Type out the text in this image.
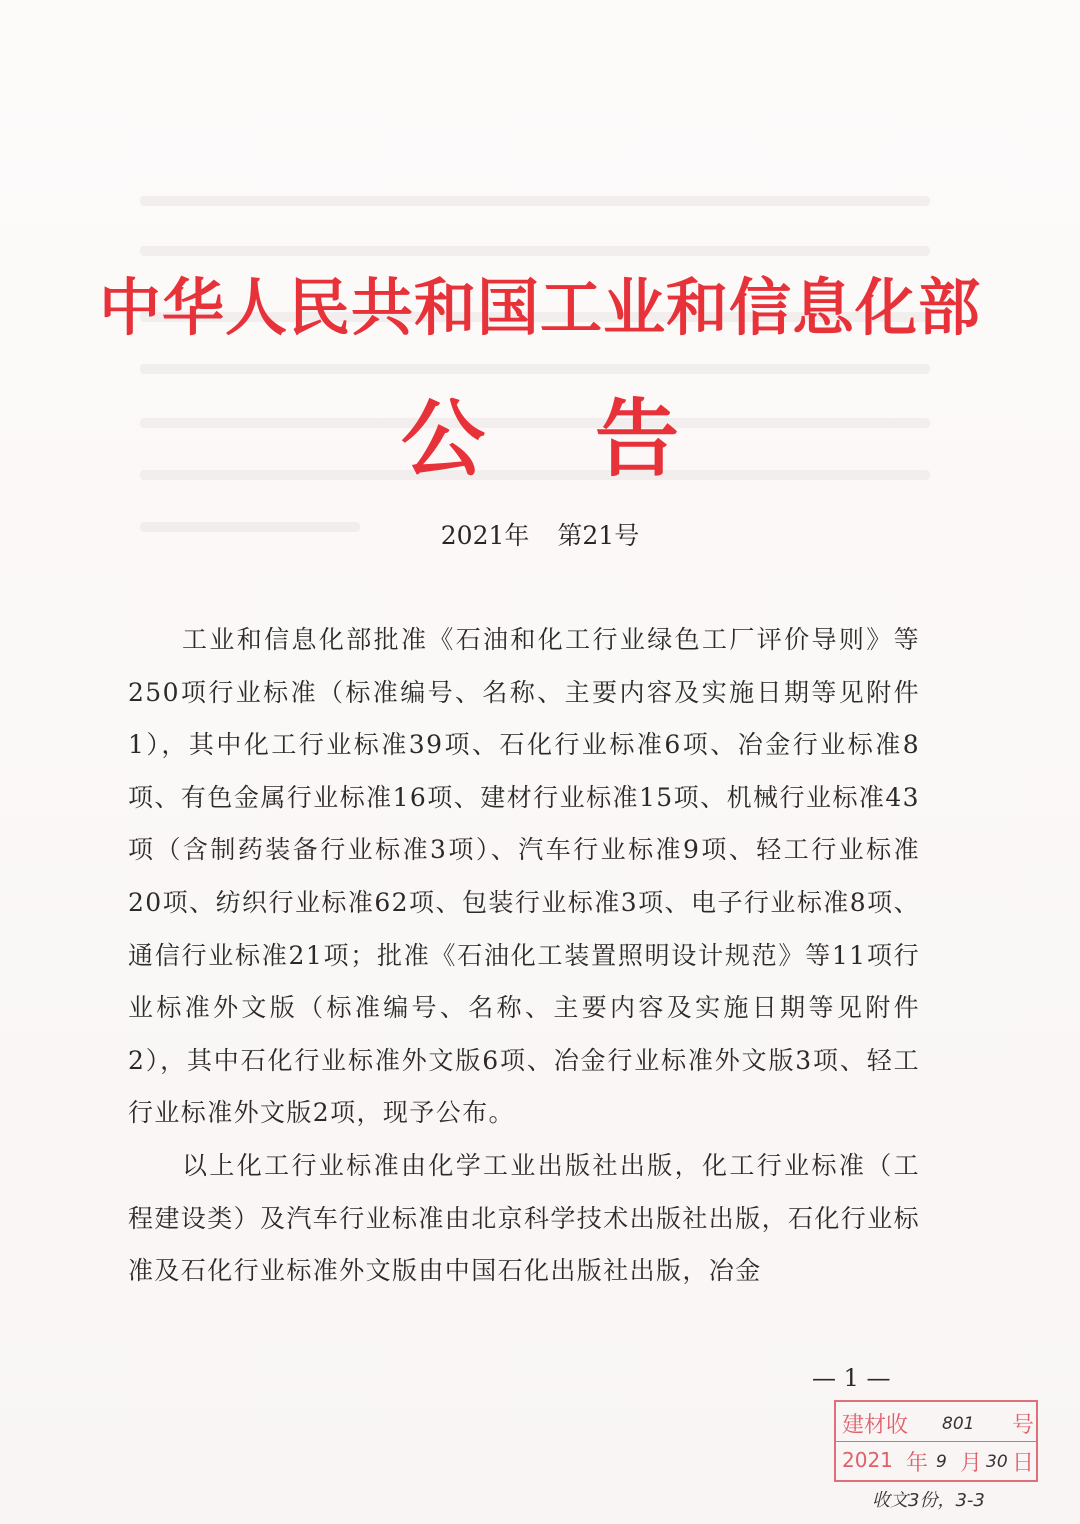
中华人民共和国工业和信息化部
公告
2021年 第21号

工业和信息化部批准《石油和化工行业绿色工厂评价导则》等250项行业标准（标准编号、名称、主要内容及实施日期等见附件1），其中化工行业标准39项、石化行业标准6项、冶金行业标准8项、有色金属行业标准16项、建材行业标准15项、机械行业标准43项（含制药装备行业标准3项）、汽车行业标准9项、轻工行业标准20项、纺织行业标准62项、包装行业标准3项、电子行业标准8项、通信行业标准21项；批准《石油化工装置照明设计规范》等11项行业标准外文版（标准编号、名称、主要内容及实施日期等见附件2），其中石化行业标准外文版6项、冶金行业标准外文版3项、轻工行业标准外文版2项，现予公布。

以上化工行业标准由化学工业出版社出版，化工行业标准（工程建设类）及汽车行业标准由北京科学技术出版社出版，石化行业标准及石化行业标准外文版由中国石化出版社出版，冶金

— 1 —
建材收 801 号
2021 年 9 月 30 日
收文3份，3-3
